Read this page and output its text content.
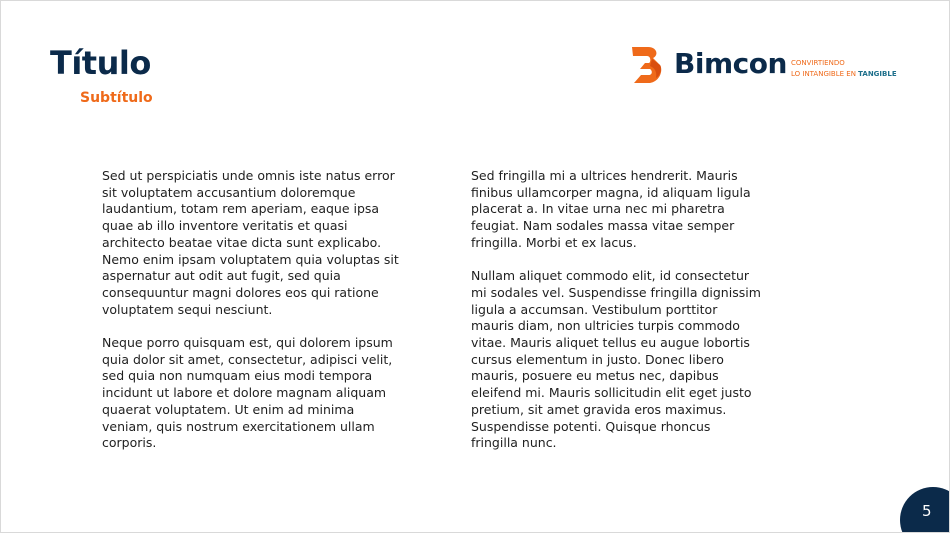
Título
Subtítulo
Bimcon CONVIRTIENDO
LO INTANGIBLE EN TANGIBLE

Sed ut perspiciatis unde omnis iste natus error sit voluptatem accusantium doloremque laudantium, totam rem aperiam, eaque ipsa quae ab illo inventore veritatis et quasi architecto beatae vitae dicta sunt explicabo. Nemo enim ipsam voluptatem quia voluptas sit aspernatur aut odit aut fugit, sed quia consequuntur magni dolores eos qui ratione voluptatem sequi nesciunt.

Neque porro quisquam est, qui dolorem ipsum quia dolor sit amet, consectetur, adipisci velit, sed quia non numquam eius modi tempora incidunt ut labore et dolore magnam aliquam quaerat voluptatem. Ut enim ad minima veniam, quis nostrum exercitationem ullam corporis.

Sed fringilla mi a ultrices hendrerit. Mauris finibus ullamcorper magna, id aliquam ligula placerat a. In vitae urna nec mi pharetra feugiat. Nam sodales massa vitae semper fringilla. Morbi et ex lacus.

Nullam aliquet commodo elit, id consectetur mi sodales vel. Suspendisse fringilla dignissim ligula a accumsan. Vestibulum porttitor mauris diam, non ultricies turpis commodo vitae. Mauris aliquet tellus eu augue lobortis cursus elementum in justo. Donec libero mauris, posuere eu metus nec, dapibus eleifend mi. Mauris sollicitudin elit eget justo pretium, sit amet gravida eros maximus. Suspendisse potenti. Quisque rhoncus fringilla nunc.

5
